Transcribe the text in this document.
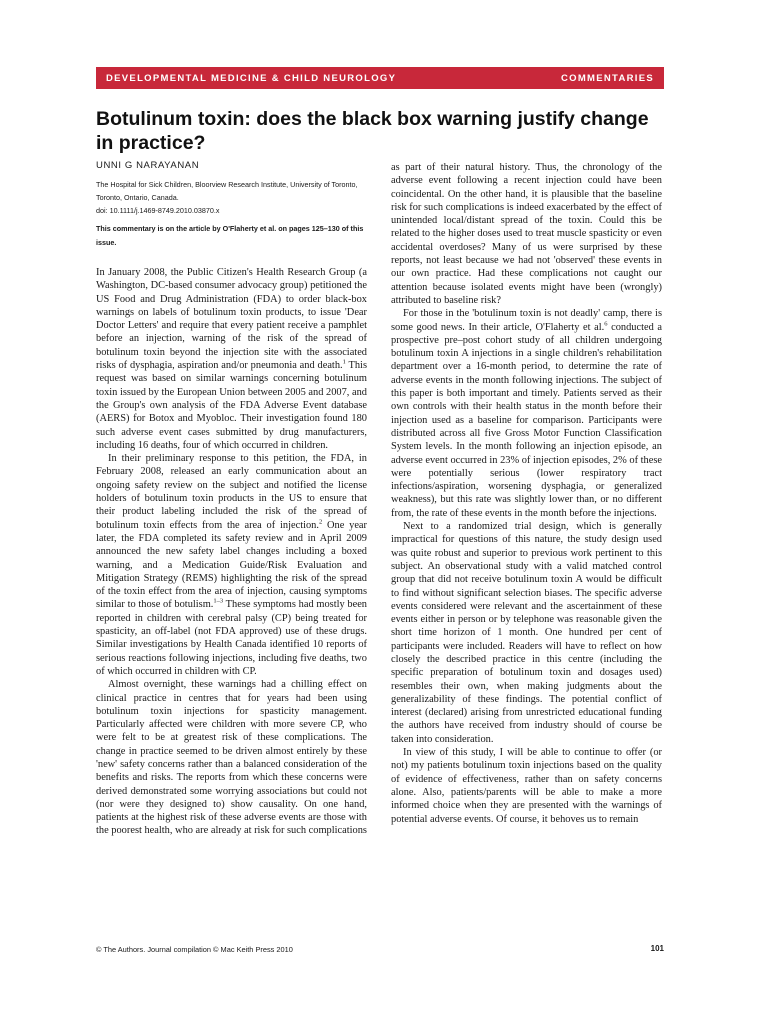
DEVELOPMENTAL MEDICINE & CHILD NEUROLOGY	COMMENTARIES
Botulinum toxin: does the black box warning justify change in practice?
UNNI G NARAYANAN
The Hospital for Sick Children, Bloorview Research Institute, University of Toronto, Toronto, Ontario, Canada.
doi: 10.1111/j.1469-8749.2010.03870.x
This commentary is on the article by O'Flaherty et al. on pages 125–130 of this issue.

In January 2008, the Public Citizen's Health Research Group (a Washington, DC-based consumer advocacy group) petitioned the US Food and Drug Administration (FDA) to order black-box warnings on labels of botulinum toxin products, to issue 'Dear Doctor Letters' and require that every patient receive a pamphlet before an injection, warning of the risk of the spread of botulinum toxin beyond the injection site with the associated risks of dysphagia, aspiration and/or pneumonia and death.$^1$ This request was based on similar warnings concerning botulinum toxin issued by the European Union between 2005 and 2007, and the Group's own analysis of the FDA Adverse Event database (AERS) for Botox and Myobloc. Their investigation found 180 such adverse event cases submitted by drug manufacturers, including 16 deaths, four of which occurred in children.

In their preliminary response to this petition, the FDA, in February 2008, released an early communication about an ongoing safety review on the subject and notified the license holders of botulinum toxin products in the US to ensure that their product labeling included the risk of the spread of botulinum toxin effects from the area of injection.$^2$ One year later, the FDA completed its safety review and in April 2009 announced the new safety label changes including a boxed warning, and a Medication Guide/Risk Evaluation and Mitigation Strategy (REMS) highlighting the risk of the spread of the toxin effect from the area of injection, causing symptoms similar to those of botulism.$^{1-3}$ These symptoms had mostly been reported in children with cerebral palsy (CP) being treated for spasticity, an off-label (not FDA approved) use of these drugs. Similar investigations by Health Canada identified 10 reports of serious reactions following injections, including five deaths, two of which occurred in children with CP.

Almost overnight, these warnings had a chilling effect on clinical practice in centres that for years had been using botulinum toxin injections for spasticity management. Particularly affected were children with more severe CP, who were felt to be at greatest risk of these complications. The change in practice seemed to be driven almost entirely by these 'new' safety concerns rather than a balanced consideration of the benefits and risks. The reports from which these concerns were derived demonstrated some worrying associations but could not (nor were they designed to) show causality. On one hand, patients at the highest risk of these adverse events are those with the poorest health, who are already at risk for such complications

as part of their natural history. Thus, the chronology of the adverse event following a recent injection could have been coincidental. On the other hand, it is plausible that the baseline risk for such complications is indeed exacerbated by the effect of unintended local/distant spread of the toxin. Could this be related to the higher doses used to treat muscle spasticity or even accidental overdoses? Many of us were surprised by these reports, not least because we had not 'observed' these events in our own practice. Had these complications not caught our attention because isolated events might have been (wrongly) attributed to baseline risk?

For those in the 'botulinum toxin is not deadly' camp, there is some good news. In their article, O'Flaherty et al.$^6$ conducted a prospective pre–post cohort study of all children undergoing botulinum toxin A injections in a single children's rehabilitation department over a 16-month period, to determine the rate of adverse events in the month following injections. The subject of this paper is both important and timely. Patients served as their own controls with their health status in the month before their injection used as a baseline for comparison. Participants were distributed across all five Gross Motor Function Classification System levels. In the month following an injection episode, an adverse event occurred in 23% of injection episodes, 2% of these were potentially serious (lower respiratory tract infections/aspiration, worsening dysphagia, or generalized weakness), but this rate was slightly lower than, or no different from, the rate of these events in the month before the injections.

Next to a randomized trial design, which is generally impractical for questions of this nature, the study design used was quite robust and superior to previous work pertinent to this subject. An observational study with a valid matched control group that did not receive botulinum toxin A would be difficult to find without significant selection biases. The specific adverse events considered were relevant and the ascertainment of these events either in person or by telephone was reasonable given the short time horizon of 1 month. One hundred per cent of participants were included. Readers will have to reflect on how closely the described practice in this centre (including the specific preparation of botulinum toxin and dosages used) resembles their own, when making judgments about the generalizability of these findings. The potential conflict of interest (declared) arising from unrestricted educational funding the authors have received from industry should of course be taken into consideration.

In view of this study, I will be able to continue to offer (or not) my patients botulinum toxin injections based on the quality of evidence of effectiveness, rather than on safety concerns alone. Also, patients/parents will be able to make a more informed choice when they are presented with the warnings of potential adverse events. Of course, it behoves us to remain

© The Authors. Journal compilation © Mac Keith Press 2010	101
